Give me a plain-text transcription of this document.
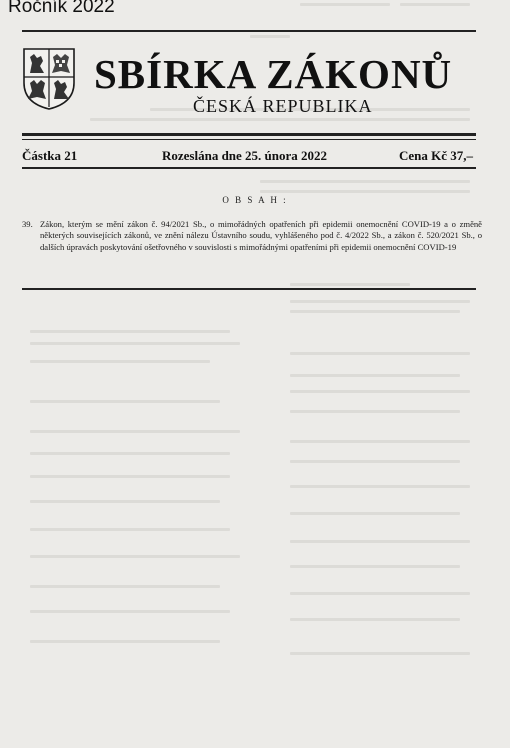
Ročník 2022
SBÍRKA ZÁKONŮ
ČESKÁ REPUBLIKA
Částka 21	Rozeslána dne 25. února 2022	Cena Kč 37,–
O B S A H :
39. Zákon, kterým se mění zákon č. 94/2021 Sb., o mimořádných opatřeních při epidemii onemocnění COVID-19 a o změně některých souvisejících zákonů, ve znění nálezu Ústavního soudu, vyhlášeného pod č. 4/2022 Sb., a zákon č. 520/2021 Sb., o dalších úpravách poskytování ošetřovného v souvislosti s mimořádnými opatřeními při epidemii onemocnění COVID-19
